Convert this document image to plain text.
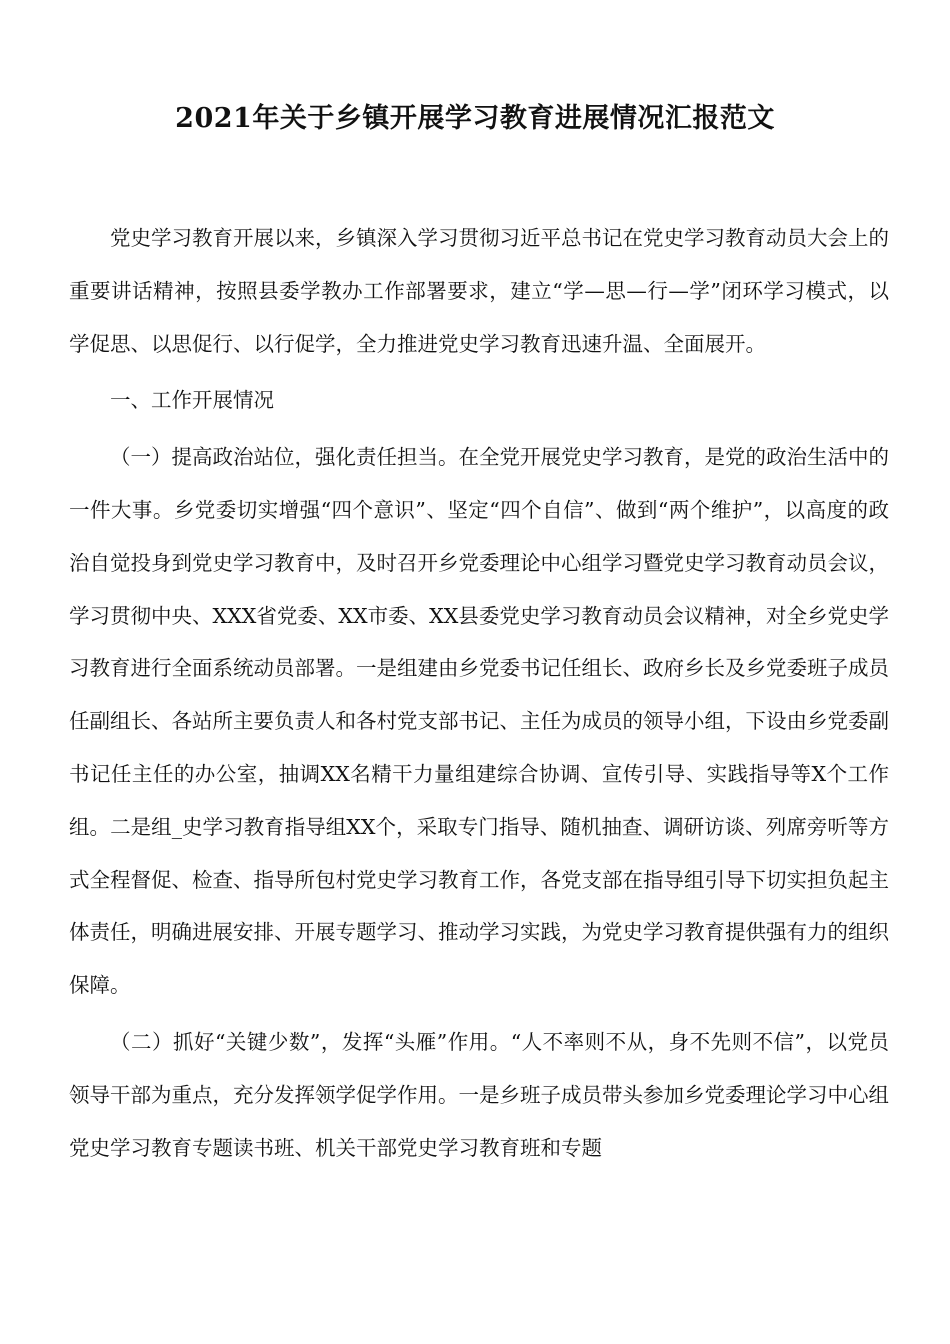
2021年关于乡镇开展学习教育进展情况汇报范文

党史学习教育开展以来，乡镇深入学习贯彻习近平总书记在党史学习教育动员大会上的重要讲话精神，按照县委学教办工作部署要求，建立“学—思—行—学”闭环学习模式，以学促思、以思促行、以行促学，全力推进党史学习教育迅速升温、全面展开。

一、工作开展情况

（一）提高政治站位，强化责任担当。在全党开展党史学习教育，是党的政治生活中的一件大事。乡党委切实增强“四个意识”、坚定“四个自信”、做到“两个维护”，以高度的政治自觉投身到党史学习教育中，及时召开乡党委理论中心组学习暨党史学习教育动员会议，学习贯彻中央、XXX省党委、XX市委、XX县委党史学习教育动员会议精神，对全乡党史学习教育进行全面系统动员部署。一是组建由乡党委书记任组长、政府乡长及乡党委班子成员任副组长、各站所主要负责人和各村党支部书记、主任为成员的领导小组，下设由乡党委副书记任主任的办公室，抽调XX名精干力量组建综合协调、宣传引导、实践指导等X个工作组。二是组_史学习教育指导组XX个，采取专门指导、随机抽查、调研访谈、列席旁听等方式全程督促、检查、指导所包村党史学习教育工作，各党支部在指导组引导下切实担负起主体责任，明确进展安排、开展专题学习、推动学习实践，为党史学习教育提供强有力的组织保障。

（二）抓好“关键少数”，发挥“头雁”作用。“人不率则不从，身不先则不信”，以党员领导干部为重点，充分发挥领学促学作用。一是乡班子成员带头参加乡党委理论学习中心组党史学习教育专题读书班、机关干部党史学习教育班和专题
